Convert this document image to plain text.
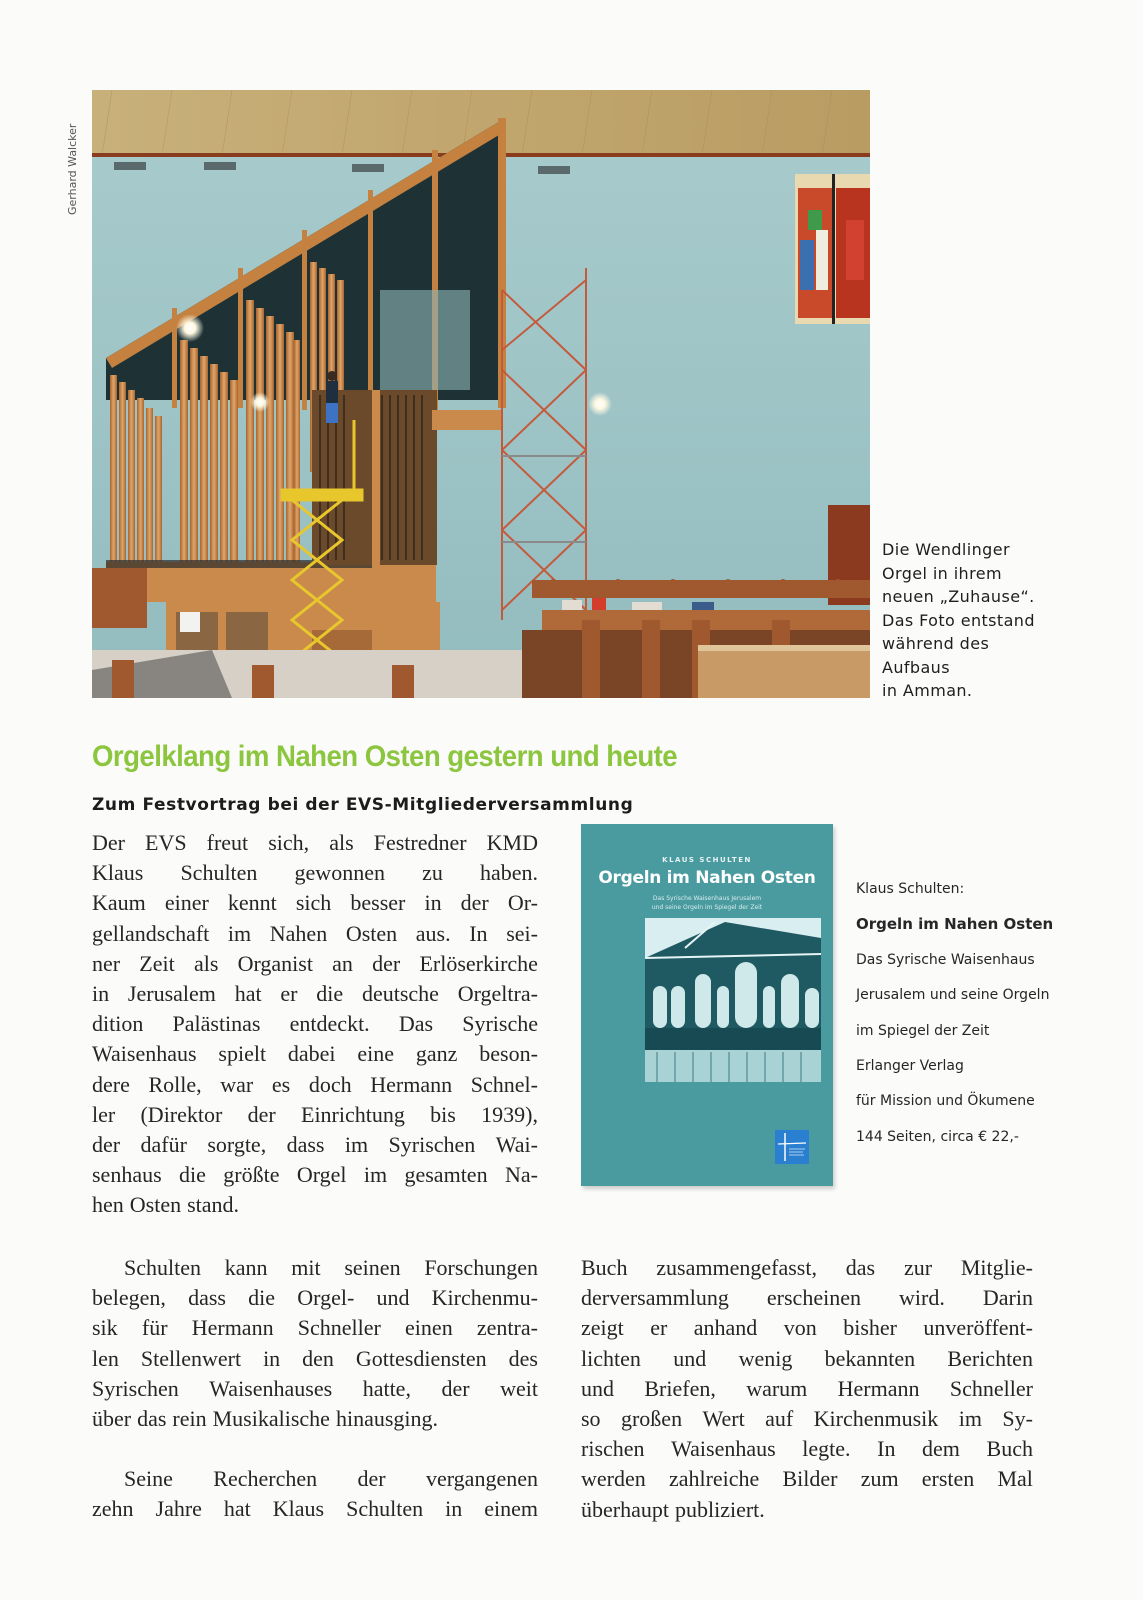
Gerhard Walcker
Die Wendlinger
Orgel in ihrem
neuen „Zuhause“.
Das Foto entstand
während des
Aufbaus
in Amman.
Orgelklang im Nahen Osten gestern und heute
Zum Festvortrag bei der EVS-Mitgliederversammlung
Der EVS freut sich, als Festredner KMD
Klaus Schulten gewonnen zu haben.
Kaum einer kennt sich besser in der Or-
gellandschaft im Nahen Osten aus. In sei-
ner Zeit als Organist an der Erlöserkirche
in Jerusalem hat er die deutsche Orgeltra-
dition Palästinas entdeckt. Das Syrische
Waisenhaus spielt dabei eine ganz beson-
dere Rolle, war es doch Hermann Schnel-
ler (Direktor der Einrichtung bis 1939),
der dafür sorgte, dass im Syrischen Wai-
senhaus die größte Orgel im gesamten Na-
hen Osten stand.
KLAUS SCHULTEN
Orgeln im Nahen Osten
Das Syrische Waisenhaus Jerusalem
und seine Orgeln im Spiegel der Zeit
Klaus Schulten:
Orgeln im Nahen Osten
Das Syrische Waisenhaus
Jerusalem und seine Orgeln
im Spiegel der Zeit
Erlanger Verlag
für Mission und Ökumene
144 Seiten, circa € 22,-
Schulten kann mit seinen Forschungen
belegen, dass die Orgel- und Kirchenmu-
sik für Hermann Schneller einen zentra-
len Stellenwert in den Gottesdiensten des
Syrischen Waisenhauses hatte, der weit
über das rein Musikalische hinausging.
Seine Recherchen der vergangenen
zehn Jahre hat Klaus Schulten in einem
Buch zusammengefasst, das zur Mitglie-
derversammlung erscheinen wird. Darin
zeigt er anhand von bisher unveröffent-
lichten und wenig bekannten Berichten
und Briefen, warum Hermann Schneller
so großen Wert auf Kirchenmusik im Sy-
rischen Waisenhaus legte. In dem Buch
werden zahlreiche Bilder zum ersten Mal
überhaupt publiziert.
